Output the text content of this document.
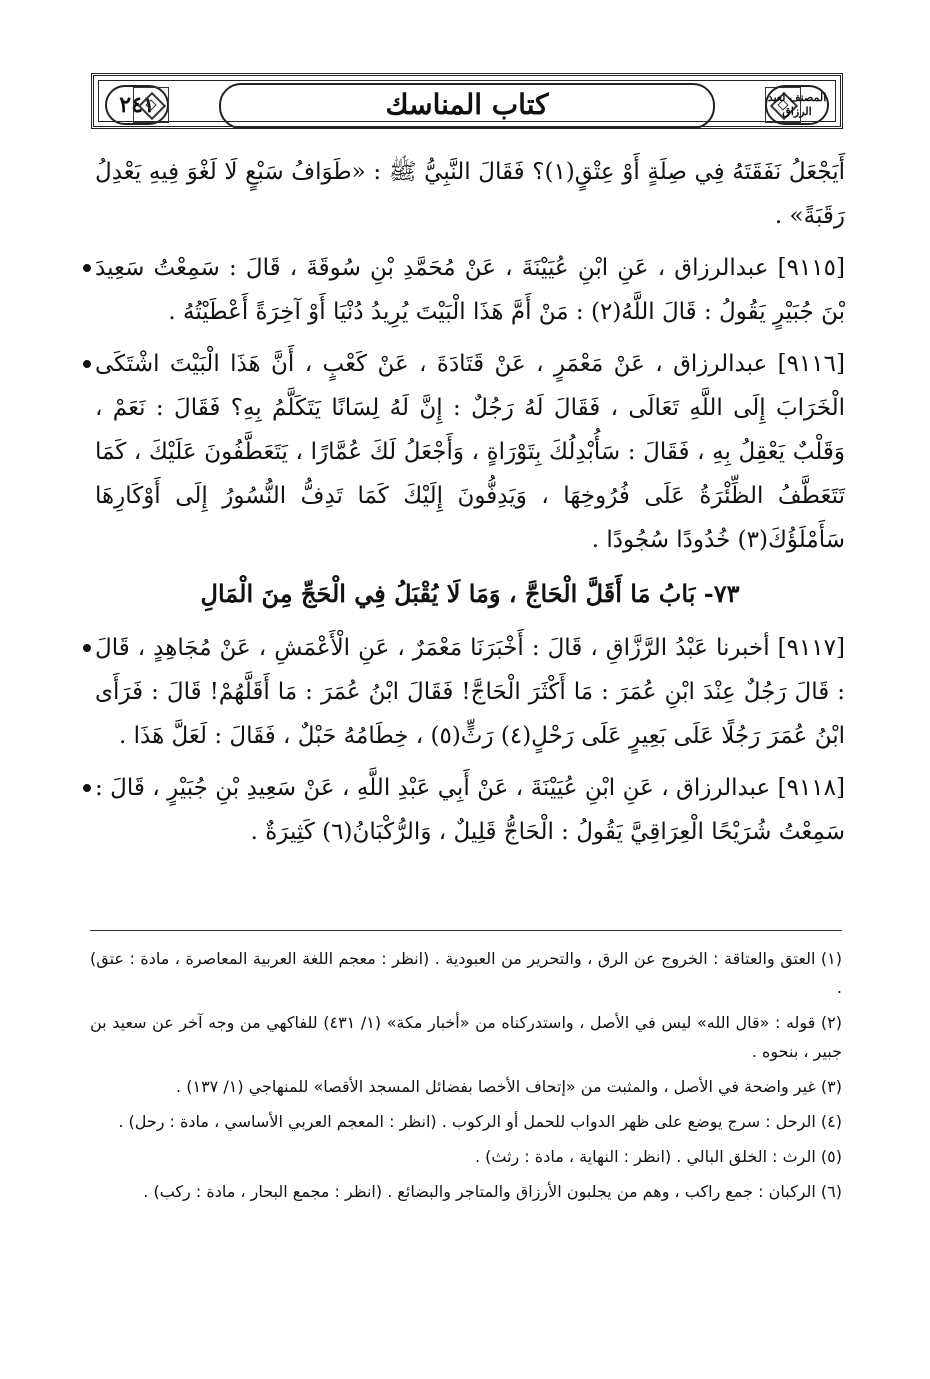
٢٤١	كتاب المناسك	المصنف لعبد الرزاق

أَيَجْعَلُ نَفَقَتَهُ فِي صِلَةٍ أَوْ عِتْقٍ(١)؟ فَقَالَ النَّبِيُّ ﷺ : «طَوَافُ سَبْعٍ لَا لَغْوَ فِيهِ يَعْدِلُ رَقَبَةً» .

[٩١١٥] عبدالرزاق ، عَنِ ابْنِ عُيَيْنَةَ ، عَنْ مُحَمَّدِ بْنِ سُوقَةَ ، قَالَ : سَمِعْتُ سَعِيدَ بْنَ جُبَيْرٍ يَقُولُ : قَالَ اللَّهُ(٢) : مَنْ أَمَّ هَذَا الْبَيْتَ يُرِيدُ دُنْيَا أَوْ آخِرَةً أَعْطَيْتُهُ .

[٩١١٦] عبدالرزاق ، عَنْ مَعْمَرٍ ، عَنْ قَتَادَةَ ، عَنْ كَعْبٍ ، أَنَّ هَذَا الْبَيْتَ اشْتَكَى الْخَرَابَ إِلَى اللَّهِ تَعَالَى ، فَقَالَ لَهُ رَجُلٌ : إِنَّ لَهُ لِسَانًا يَتَكَلَّمُ بِهِ؟ فَقَالَ : نَعَمْ ، وَقَلْبٌ يَعْقِلُ بِهِ ، فَقَالَ : سَأُبْدِلُكَ بِتَوْرَاةٍ ، وَأَجْعَلُ لَكَ عُمَّارًا ، يَتَعَطَّفُونَ عَلَيْكَ ، كَمَا تَتَعَطَّفُ الظِّئْرَةُ عَلَى فُرُوخِهَا ، وَيَدِفُّونَ إِلَيْكَ كَمَا تَدِفُّ النُّسُورُ إِلَى أَوْكَارِهَا سَأَمْلَؤُكَ(٣) خُدُودًا سُجُودًا .

٧٣- بَابُ مَا أَقَلَّ الْحَاجَّ ، وَمَا لَا يُقْبَلُ فِي الْحَجِّ مِنَ الْمَالِ

[٩١١٧] أخبرنا عَبْدُ الرَّزَّاقِ ، قَالَ : أَخْبَرَنَا مَعْمَرٌ ، عَنِ الْأَعْمَشِ ، عَنْ مُجَاهِدٍ ، قَالَ : قَالَ رَجُلٌ عِنْدَ ابْنِ عُمَرَ : مَا أَكْثَرَ الْحَاجَّ! فَقَالَ ابْنُ عُمَرَ : مَا أَقَلَّهُمْ! قَالَ : فَرَأَى ابْنُ عُمَرَ رَجُلًا عَلَى بَعِيرٍ عَلَى رَحْلٍ(٤) رَثٍّ(٥) ، خِطَامُهُ حَبْلٌ ، فَقَالَ : لَعَلَّ هَذَا .

[٩١١٨] عبدالرزاق ، عَنِ ابْنِ عُيَيْنَةَ ، عَنْ أَبِي عَبْدِ اللَّهِ ، عَنْ سَعِيدِ بْنِ جُبَيْرٍ ، قَالَ : سَمِعْتُ شُرَيْحًا الْعِرَاقِيَّ يَقُولُ : الْحَاجُّ قَلِيلٌ ، وَالرُّكْبَانُ(٦) كَثِيرَةٌ .

(١) العتق والعتاقة : الخروج عن الرق ، والتحرير من العبودية . (انظر : معجم اللغة العربية المعاصرة ، مادة : عتق) .

(٢) قوله : «قال الله» ليس في الأصل ، واستدركناه من «أخبار مكة» (١/ ٤٣١) للفاكهي من وجه آخر عن سعيد بن جبير ، بنحوه .

(٣) غير واضحة في الأصل ، والمثبت من «إتحاف الأخصا بفضائل المسجد الأقصا» للمنهاجي (١/ ١٣٧) .

(٤) الرحل : سرج يوضع على ظهر الدواب للحمل أو الركوب . (انظر : المعجم العربي الأساسي ، مادة : رحل) .

(٥) الرث : الخلق البالي . (انظر : النهاية ، مادة : رثث) .

(٦) الركبان : جمع راكب ، وهم من يجلبون الأرزاق والمتاجر والبضائع . (انظر : مجمع البحار ، مادة : ركب) .
